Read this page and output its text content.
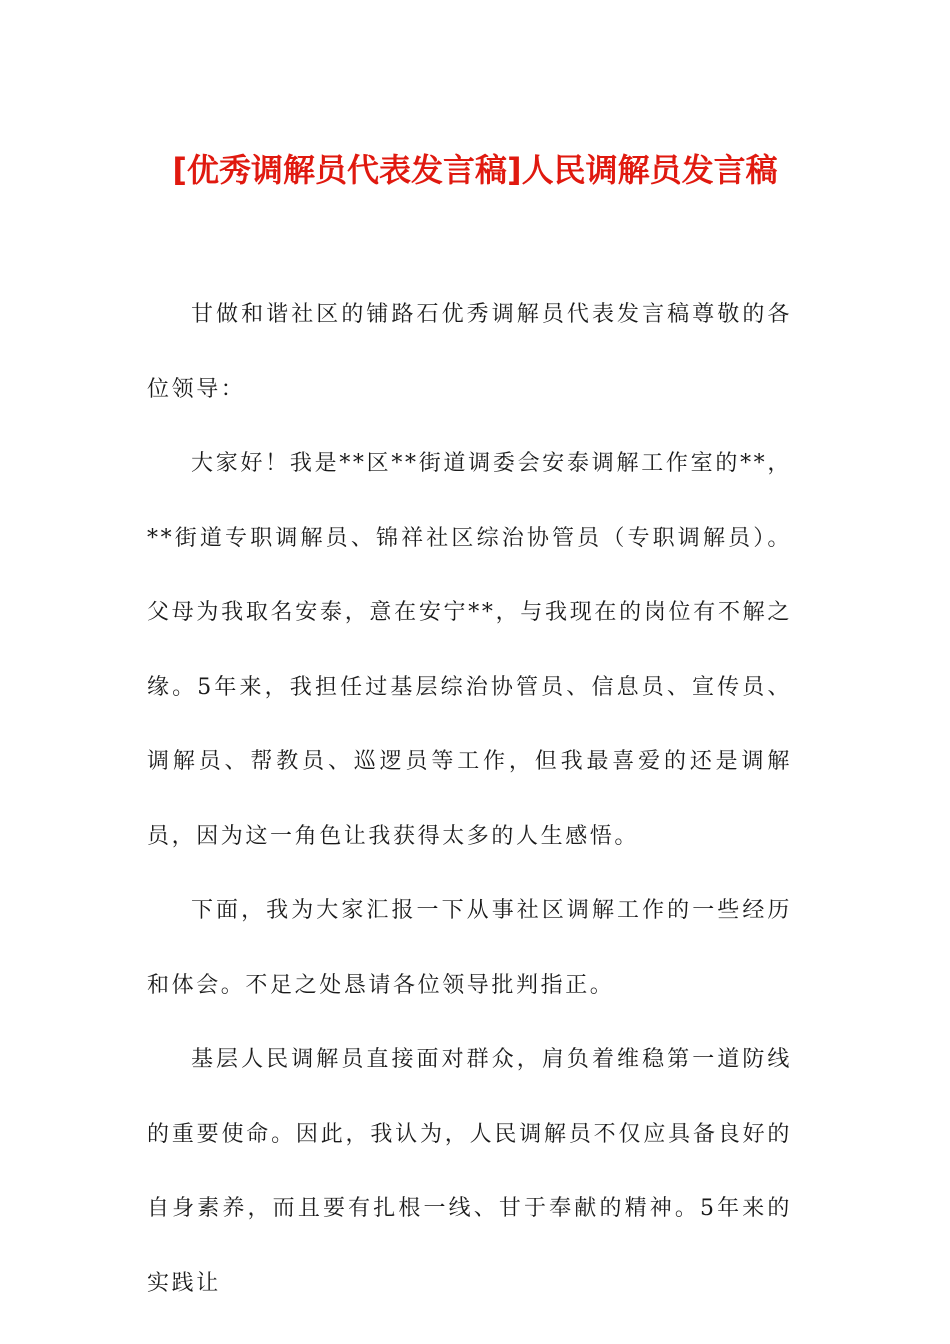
[优秀调解员代表发言稿]人民调解员发言稿

甘做和谐社区的铺路石优秀调解员代表发言稿尊敬的各位领导：

大家好！我是**区**街道调委会安泰调解工作室的**，**街道专职调解员、锦祥社区综治协管员（专职调解员）。父母为我取名安泰，意在安宁**，与我现在的岗位有不解之缘。5年来，我担任过基层综治协管员、信息员、宣传员、调解员、帮教员、巡逻员等工作，但我最喜爱的还是调解员，因为这一角色让我获得太多的人生感悟。

下面，我为大家汇报一下从事社区调解工作的一些经历和体会。不足之处恳请各位领导批判指正。

基层人民调解员直接面对群众，肩负着维稳第一道防线的重要使命。因此，我认为，人民调解员不仅应具备良好的自身素养，而且要有扎根一线、甘于奉献的精神。5年来的实践让
